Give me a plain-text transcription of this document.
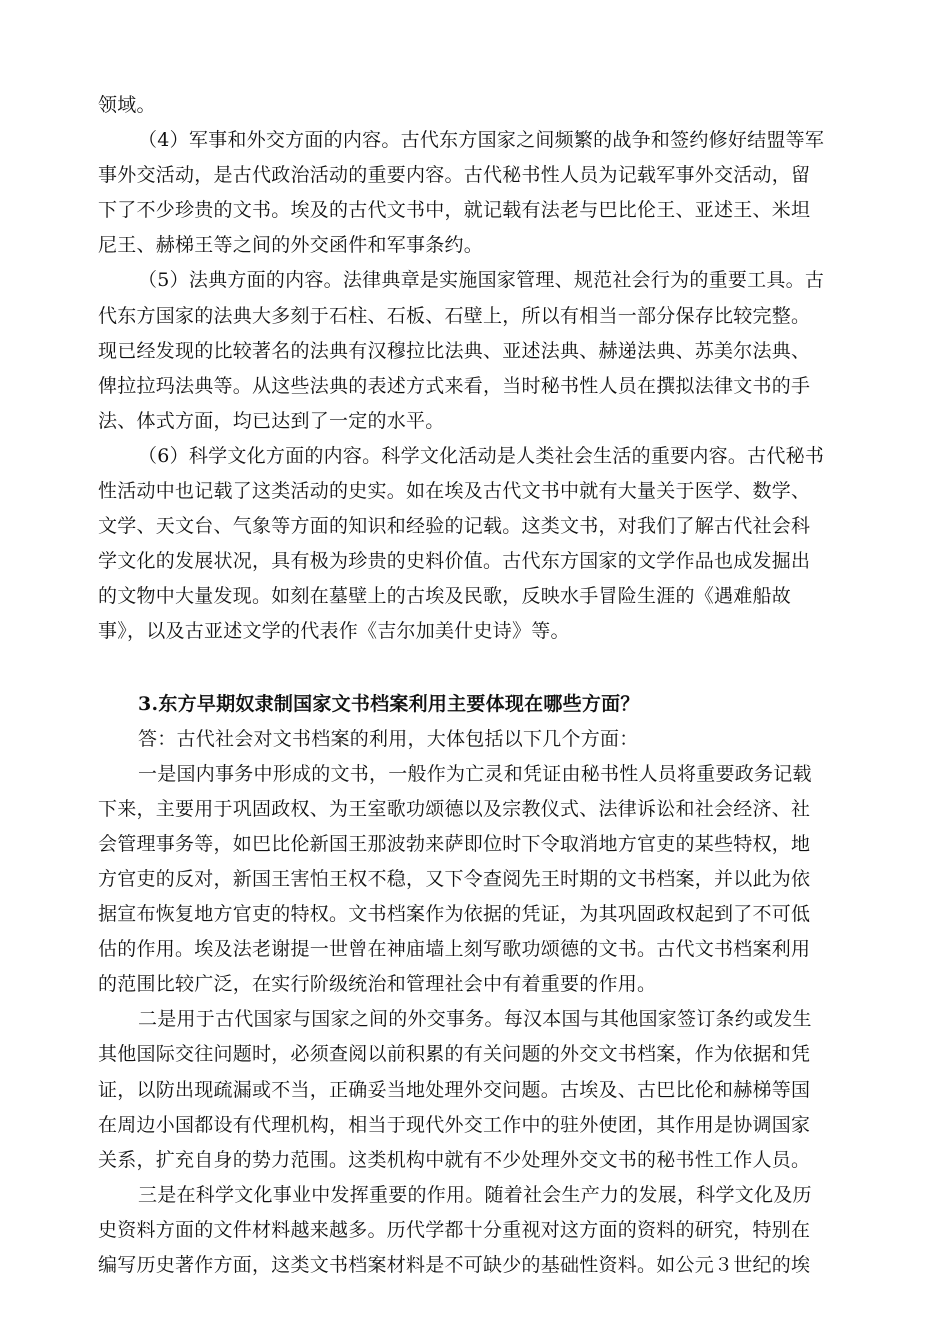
领域。
（4）军事和外交方面的内容。古代东方国家之间频繁的战争和签约修好结盟等军
事外交活动，是古代政治活动的重要内容。古代秘书性人员为记载军事外交活动，留
下了不少珍贵的文书。埃及的古代文书中，就记载有法老与巴比伦王、亚述王、米坦
尼王、赫梯王等之间的外交函件和军事条约。
（5）法典方面的内容。法律典章是实施国家管理、规范社会行为的重要工具。古
代东方国家的法典大多刻于石柱、石板、石壁上，所以有相当一部分保存比较完整。
现已经发现的比较著名的法典有汉穆拉比法典、亚述法典、赫递法典、苏美尔法典、
俾拉拉玛法典等。从这些法典的表述方式来看，当时秘书性人员在撰拟法律文书的手
法、体式方面，均已达到了一定的水平。
（6）科学文化方面的内容。科学文化活动是人类社会生活的重要内容。古代秘书
性活动中也记载了这类活动的史实。如在埃及古代文书中就有大量关于医学、数学、
文学、天文台、气象等方面的知识和经验的记载。这类文书，对我们了解古代社会科
学文化的发展状况，具有极为珍贵的史料价值。古代东方国家的文学作品也成发掘出
的文物中大量发现。如刻在墓壁上的古埃及民歌，反映水手冒险生涯的《遇难船故
事》，以及古亚述文学的代表作《吉尔加美什史诗》等。
3.东方早期奴隶制国家文书档案利用主要体现在哪些方面？
答：古代社会对文书档案的利用，大体包括以下几个方面：
一是国内事务中形成的文书，一般作为亡灵和凭证由秘书性人员将重要政务记载
下来，主要用于巩固政权、为王室歌功颂德以及宗教仪式、法律诉讼和社会经济、社
会管理事务等，如巴比伦新国王那波勃来萨即位时下令取消地方官吏的某些特权，地
方官吏的反对，新国王害怕王权不稳，又下令查阅先王时期的文书档案，并以此为依
据宣布恢复地方官吏的特权。文书档案作为依据的凭证，为其巩固政权起到了不可低
估的作用。埃及法老谢提一世曾在神庙墙上刻写歌功颂德的文书。古代文书档案利用
的范围比较广泛，在实行阶级统治和管理社会中有着重要的作用。
二是用于古代国家与国家之间的外交事务。每汉本国与其他国家签订条约或发生
其他国际交往问题时，必须查阅以前积累的有关问题的外交文书档案，作为依据和凭
证，以防出现疏漏或不当，正确妥当地处理外交问题。古埃及、古巴比伦和赫梯等国
在周边小国都设有代理机构，相当于现代外交工作中的驻外使团，其作用是协调国家
关系，扩充自身的势力范围。这类机构中就有不少处理外交文书的秘书性工作人员。
三是在科学文化事业中发挥重要的作用。随着社会生产力的发展，科学文化及历
史资料方面的文件材料越来越多。历代学都十分重视对这方面的资料的研究，特别在
编写历史著作方面，这类文书档案材料是不可缺少的基础性资料。如公元３世纪的埃
